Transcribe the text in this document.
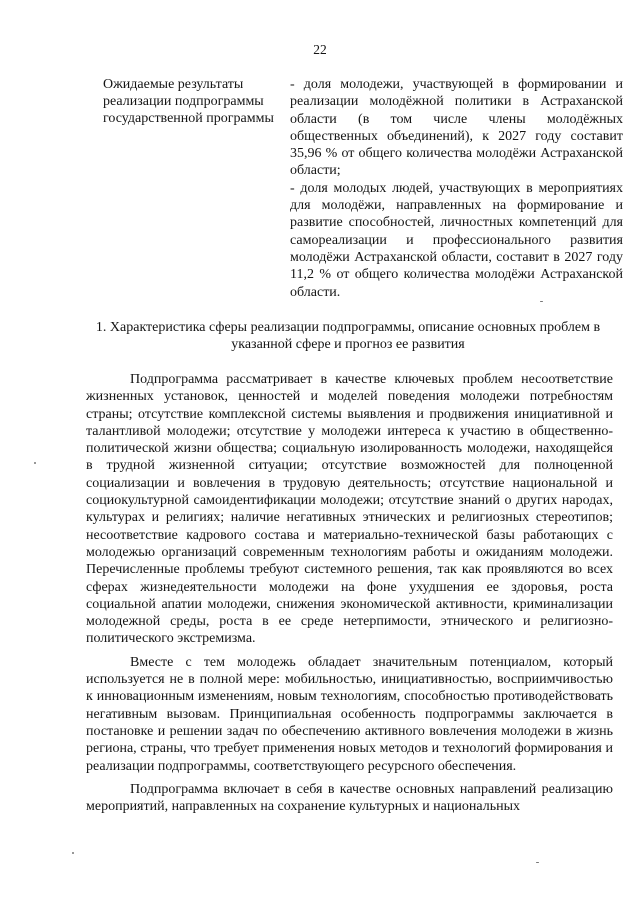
22
Ожидаемые результаты реализации подпрограммы государственной программы

- доля молодежи, участвующей в формировании и реализации молодёжной политики в Астраханской области (в том числе члены молодёжных общественных объединений), к 2027 году составит 35,96 % от общего количества молодёжи Астраханской области;

- доля молодых людей, участвующих в мероприятиях для молодёжи, направленных на формирование и развитие способностей, личностных компетенций для самореализации и профессионального развития молодёжи Астраханской области, составит в 2027 году 11,2 % от общего количества молодёжи Астраханской области.

1. Характеристика сферы реализации подпрограммы, описание основных проблем в указанной сфере и прогноз ее развития

Подпрограмма рассматривает в качестве ключевых проблем несоответствие жизненных установок, ценностей и моделей поведения молодежи потребностям страны; отсутствие комплексной системы выявления и продвижения инициативной и талантливой молодежи; отсутствие у молодежи интереса к участию в общественно-политической жизни общества; социальную изолированность молодежи, находящейся в трудной жизненной ситуации; отсутствие возможностей для полноценной социализации и вовлечения в трудовую деятельность; отсутствие национальной и социокультурной самоидентификации молодежи; отсутствие знаний о других народах, культурах и религиях; наличие негативных этнических и религиозных стереотипов; несоответствие кадрового состава и материально-технической базы работающих с молодежью организаций современным технологиям работы и ожиданиям молодежи. Перечисленные проблемы требуют системного решения, так как проявляются во всех сферах жизнедеятельности молодежи на фоне ухудшения ее здоровья, роста социальной апатии молодежи, снижения экономической активности, криминализации молодежной среды, роста в ее среде нетерпимости, этнического и религиозно-политического экстремизма.

Вместе с тем молодежь обладает значительным потенциалом, который используется не в полной мере: мобильностью, инициативностью, восприимчивостью к инновационным изменениям, новым технологиям, способностью противодействовать негативным вызовам. Принципиальная особенность подпрограммы заключается в постановке и решении задач по обеспечению активного вовлечения молодежи в жизнь региона, страны, что требует применения новых методов и технологий формирования и реализации подпрограммы, соответствующего ресурсного обеспечения.

Подпрограмма включает в себя в качестве основных направлений реализацию мероприятий, направленных на сохранение культурных и национальных
